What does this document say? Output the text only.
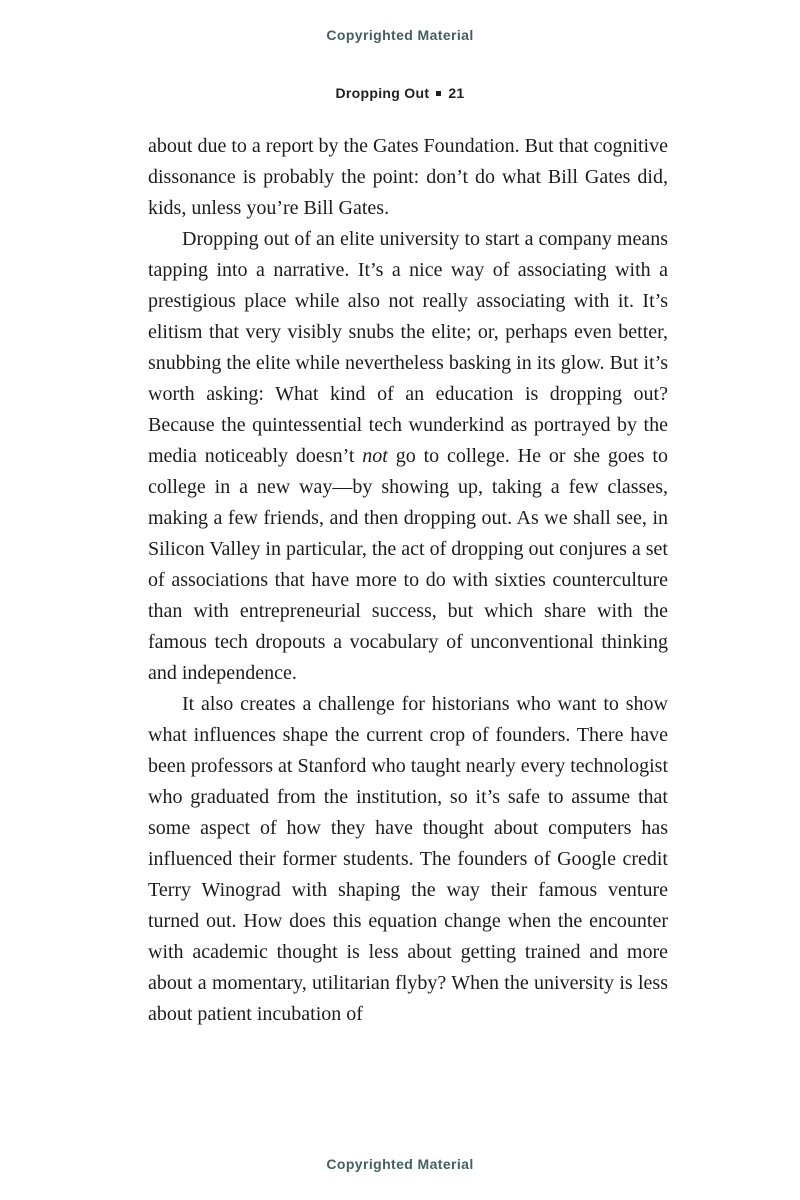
Copyrighted Material
Dropping Out 21

about due to a report by the Gates Foundation. But that cognitive dissonance is probably the point: don’t do what Bill Gates did, kids, unless you’re Bill Gates.

Dropping out of an elite university to start a company means tapping into a narrative. It’s a nice way of associating with a prestigious place while also not really associating with it. It’s elitism that very visibly snubs the elite; or, perhaps even better, snubbing the elite while nevertheless basking in its glow. But it’s worth asking: What kind of an education is dropping out? Because the quintessential tech wunderkind as portrayed by the media noticeably doesn’t not go to college. He or she goes to college in a new way—by showing up, taking a few classes, making a few friends, and then dropping out. As we shall see, in Silicon Valley in particular, the act of dropping out conjures a set of associations that have more to do with sixties counterculture than with entrepreneurial success, but which share with the famous tech dropouts a vocabulary of unconventional thinking and independence.

It also creates a challenge for historians who want to show what influences shape the current crop of founders. There have been professors at Stanford who taught nearly every technologist who graduated from the institution, so it’s safe to assume that some aspect of how they have thought about computers has influenced their former students. The founders of Google credit Terry Winograd with shaping the way their famous venture turned out. How does this equation change when the encounter with academic thought is less about getting trained and more about a momentary, utilitarian flyby? When the university is less about patient incubation of

Copyrighted Material
